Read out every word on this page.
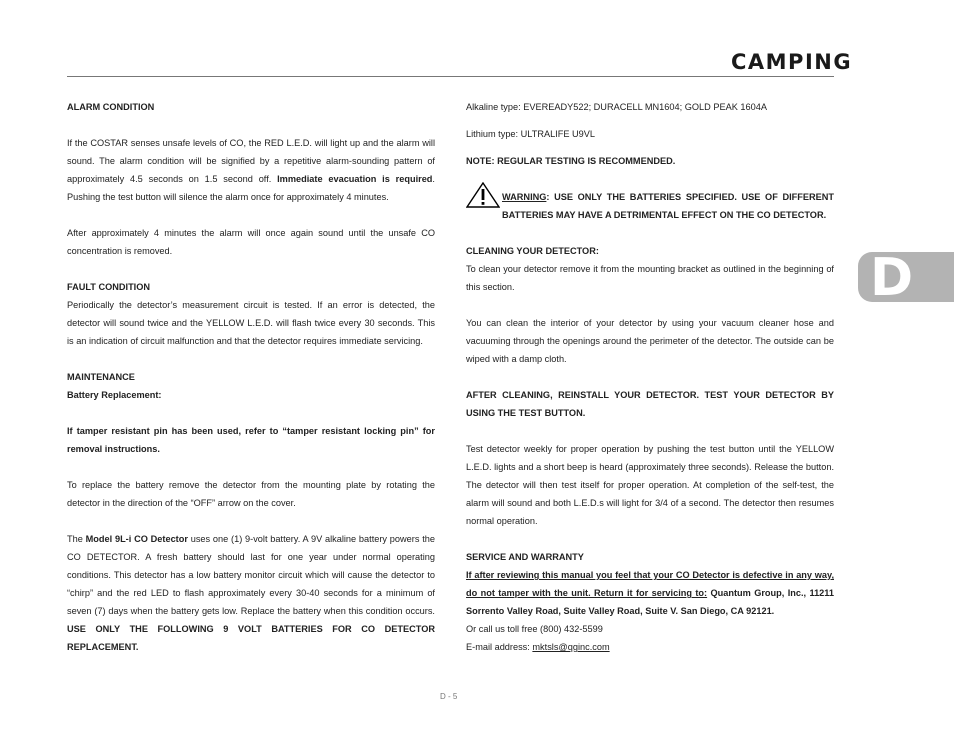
CAMPING

ALARM CONDITION

If the COSTAR senses unsafe levels of CO, the RED L.E.D. will light up and the alarm will sound. The alarm condition will be signified by a repetitive alarm-sounding pattern of approximately 4.5 seconds on 1.5 second off. Immediate evacuation is required. Pushing the test button will silence the alarm once for approximately 4 minutes.

After approximately 4 minutes the alarm will once again sound until the unsafe CO concentration is removed.

FAULT CONDITION

Periodically the detector’s measurement circuit is tested. If an error is detected, the detector will sound twice and the YELLOW L.E.D. will flash twice every 30 seconds. This is an indication of circuit malfunction and that the detector requires immediate servicing.

MAINTENANCE

Battery Replacement:

If tamper resistant pin has been used, refer to “tamper resistant locking pin” for removal instructions.

To replace the battery remove the detector from the mounting plate by rotating the detector in the direction of the “OFF” arrow on the cover.

The Model 9L-i CO Detector uses one (1) 9-volt battery. A 9V alkaline battery powers the CO DETECTOR. A fresh battery should last for one year under normal operating conditions. This detector has a low battery monitor circuit which will cause the detector to “chirp” and the red LED to flash approximately every 30-40 seconds for a minimum of seven (7) days when the battery gets low. Replace the battery when this condition occurs. USE ONLY THE FOLLOWING 9 VOLT BATTERIES FOR CO DETECTOR REPLACEMENT.

Alkaline type: EVEREADY522; DURACELL MN1604; GOLD PEAK 1604A

Lithium type: ULTRALIFE U9VL

NOTE: REGULAR TESTING IS RECOMMENDED.

WARNING: USE ONLY THE BATTERIES SPECIFIED. USE OF DIFFERENT BATTERIES MAY HAVE A DETRIMENTAL EFFECT ON THE CO DETECTOR.

CLEANING YOUR DETECTOR:

To clean your detector remove it from the mounting bracket as outlined in the beginning of this section.

You can clean the interior of your detector by using your vacuum cleaner hose and vacuuming through the openings around the perimeter of the detector. The outside can be wiped with a damp cloth.

AFTER CLEANING, REINSTALL YOUR DETECTOR. TEST YOUR DETECTOR BY USING THE TEST BUTTON.

Test detector weekly for proper operation by pushing the test button until the YELLOW L.E.D. lights and a short beep is heard (approximately three seconds). Release the button. The detector will then test itself for proper operation. At completion of the self-test, the alarm will sound and both L.E.D.s will light for 3/4 of a second. The detector then resumes normal operation.

SERVICE AND WARRANTY

If after reviewing this manual you feel that your CO Detector is defective in any way, do not tamper with the unit. Return it for servicing to: Quantum Group, Inc., 11211 Sorrento Valley Road, Suite Valley Road, Suite V. San Diego, CA 92121.

Or call us toll free (800) 432-5599

E-mail address: mktsls@qginc.com

D
D - 5
